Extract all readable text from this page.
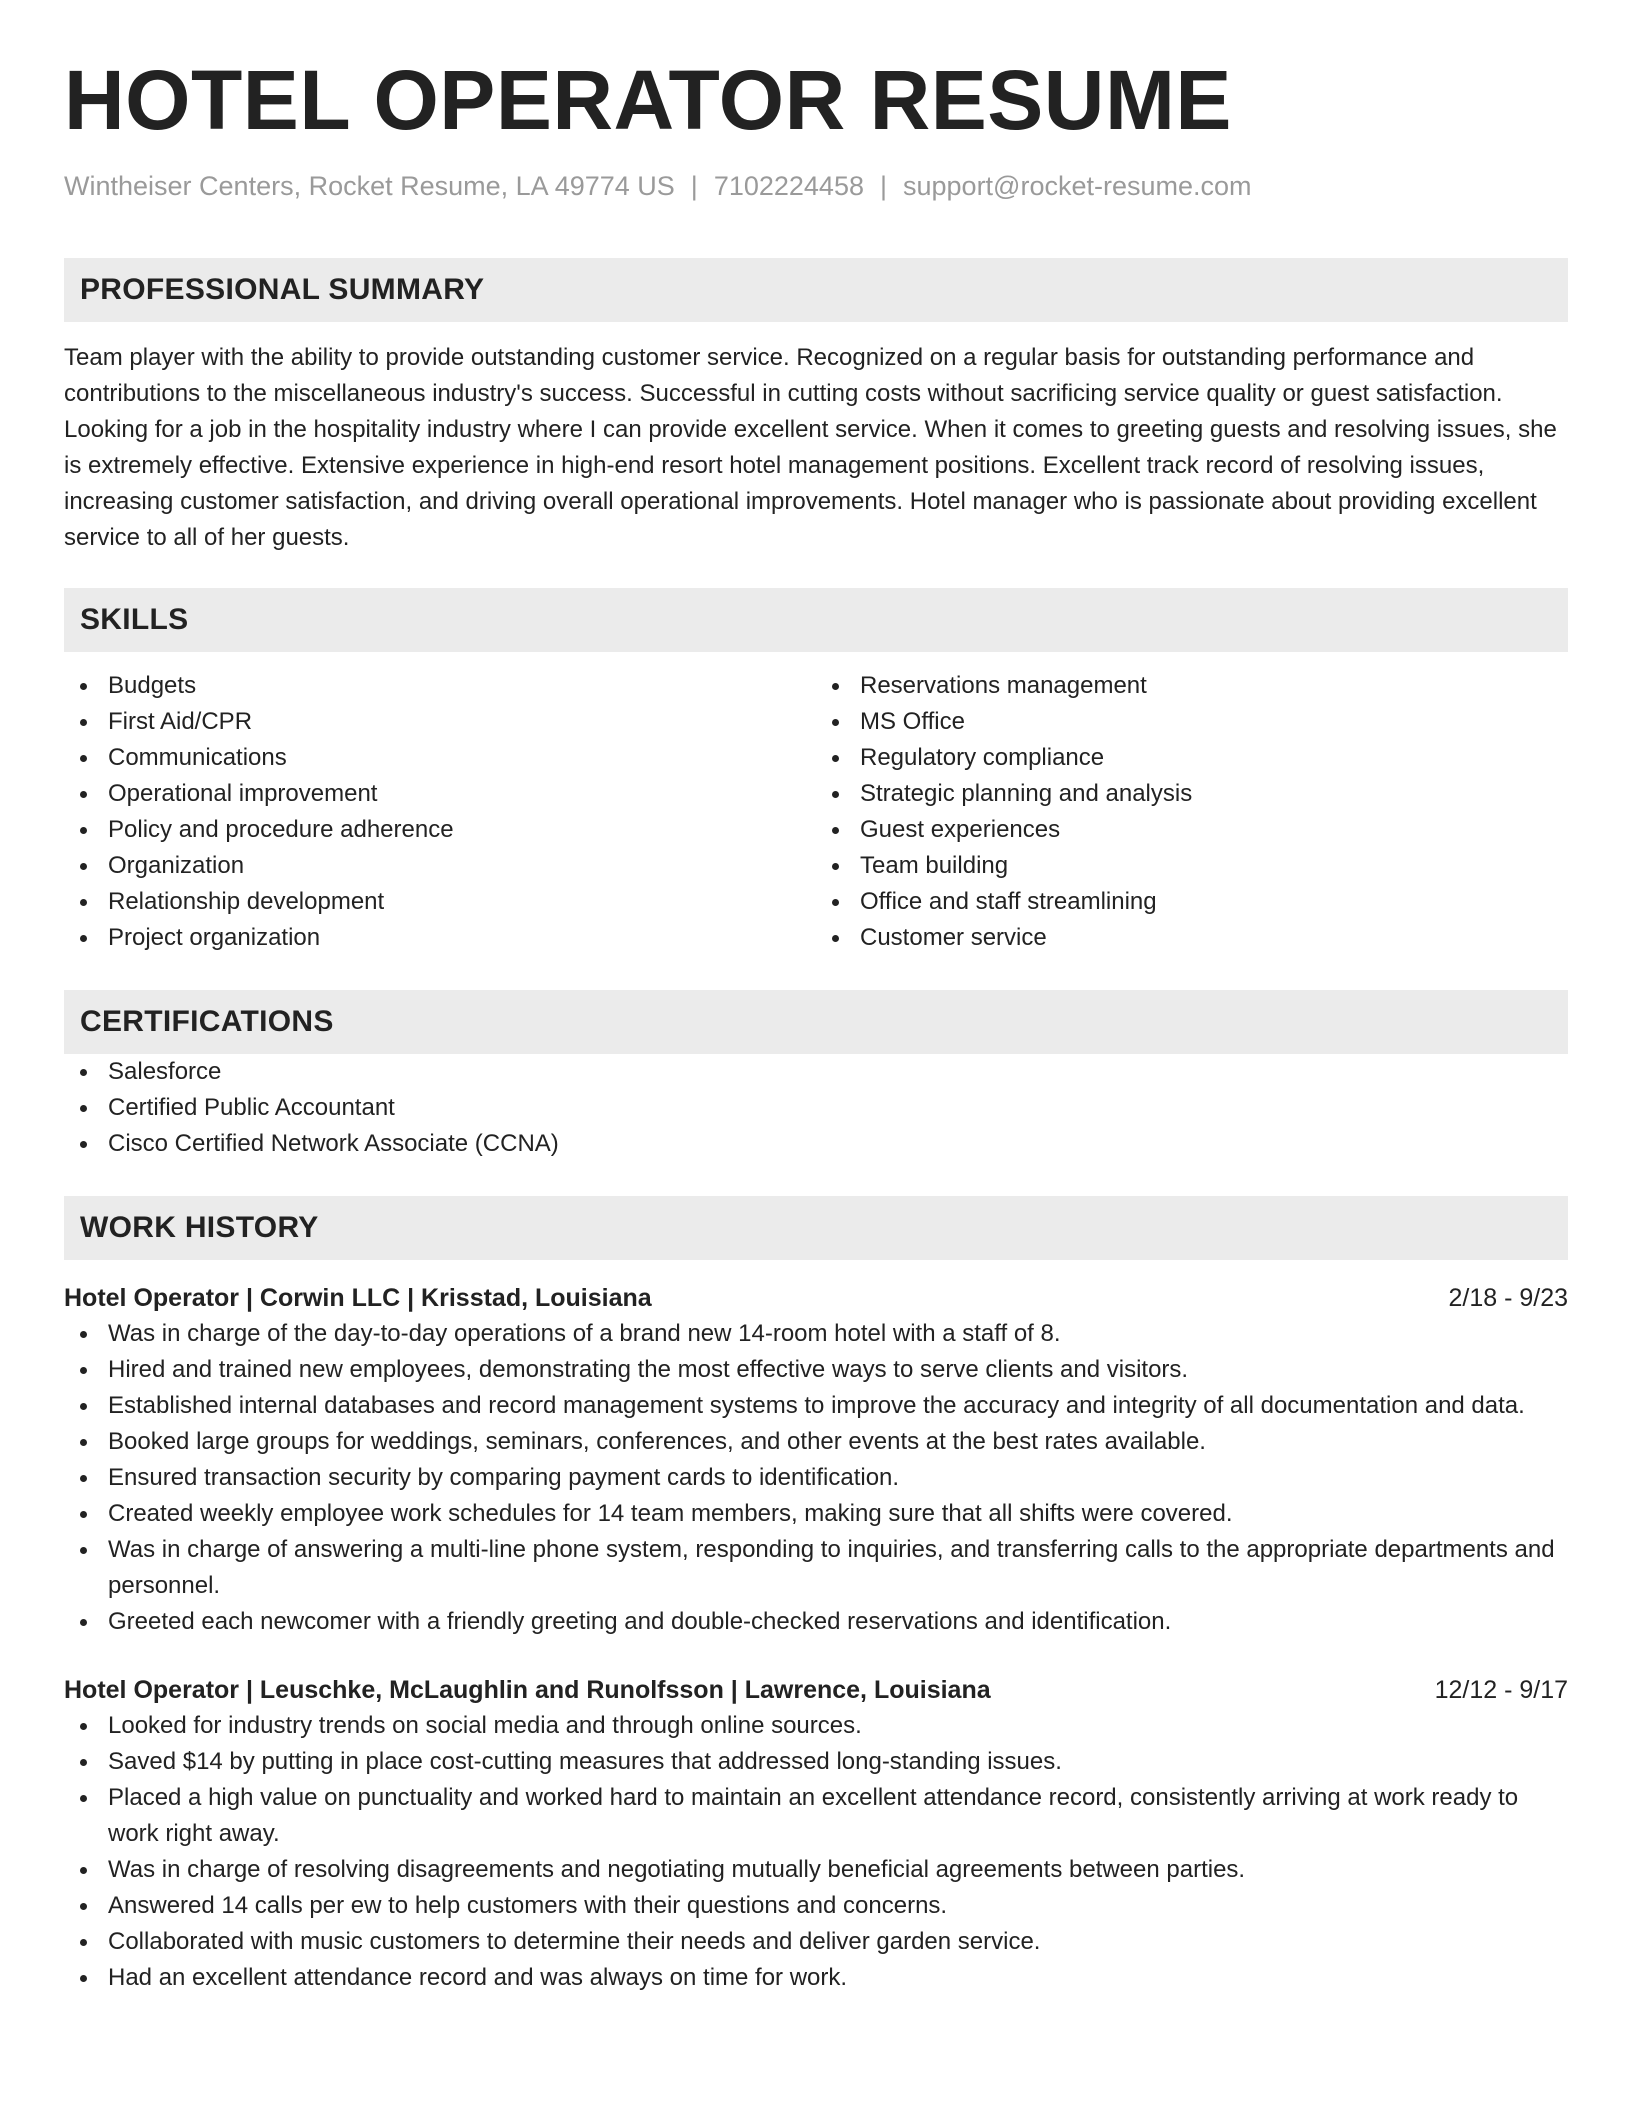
HOTEL OPERATOR RESUME
Wintheiser Centers, Rocket Resume, LA 49774 US | 7102224458 | support@rocket-resume.com
PROFESSIONAL SUMMARY

Team player with the ability to provide outstanding customer service. Recognized on a regular basis for outstanding performance and contributions to the miscellaneous industry's success. Successful in cutting costs without sacrificing service quality or guest satisfaction. Looking for a job in the hospitality industry where I can provide excellent service. When it comes to greeting guests and resolving issues, she is extremely effective. Extensive experience in high-end resort hotel management positions. Excellent track record of resolving issues, increasing customer satisfaction, and driving overall operational improvements. Hotel manager who is passionate about providing excellent service to all of her guests.

SKILLS
Budgets
First Aid/CPR
Communications
Operational improvement
Policy and procedure adherence
Organization
Relationship development
Project organization
Reservations management
MS Office
Regulatory compliance
Strategic planning and analysis
Guest experiences
Team building
Office and staff streamlining
Customer service
CERTIFICATIONS
Salesforce
Certified Public Accountant
Cisco Certified Network Associate (CCNA)
WORK HISTORY
Hotel Operator | Corwin LLC | Krisstad, Louisiana	2/18 - 9/23
Was in charge of the day-to-day operations of a brand new 14-room hotel with a staff of 8.
Hired and trained new employees, demonstrating the most effective ways to serve clients and visitors.
Established internal databases and record management systems to improve the accuracy and integrity of all documentation and data.
Booked large groups for weddings, seminars, conferences, and other events at the best rates available.
Ensured transaction security by comparing payment cards to identification.
Created weekly employee work schedules for 14 team members, making sure that all shifts were covered.
Was in charge of answering a multi-line phone system, responding to inquiries, and transferring calls to the appropriate departments and personnel.
Greeted each newcomer with a friendly greeting and double-checked reservations and identification.
Hotel Operator | Leuschke, McLaughlin and Runolfsson | Lawrence, Louisiana	12/12 - 9/17
Looked for industry trends on social media and through online sources.
Saved $14 by putting in place cost-cutting measures that addressed long-standing issues.
Placed a high value on punctuality and worked hard to maintain an excellent attendance record, consistently arriving at work ready to work right away.
Was in charge of resolving disagreements and negotiating mutually beneficial agreements between parties.
Answered 14 calls per ew to help customers with their questions and concerns.
Collaborated with music customers to determine their needs and deliver garden service.
Had an excellent attendance record and was always on time for work.
